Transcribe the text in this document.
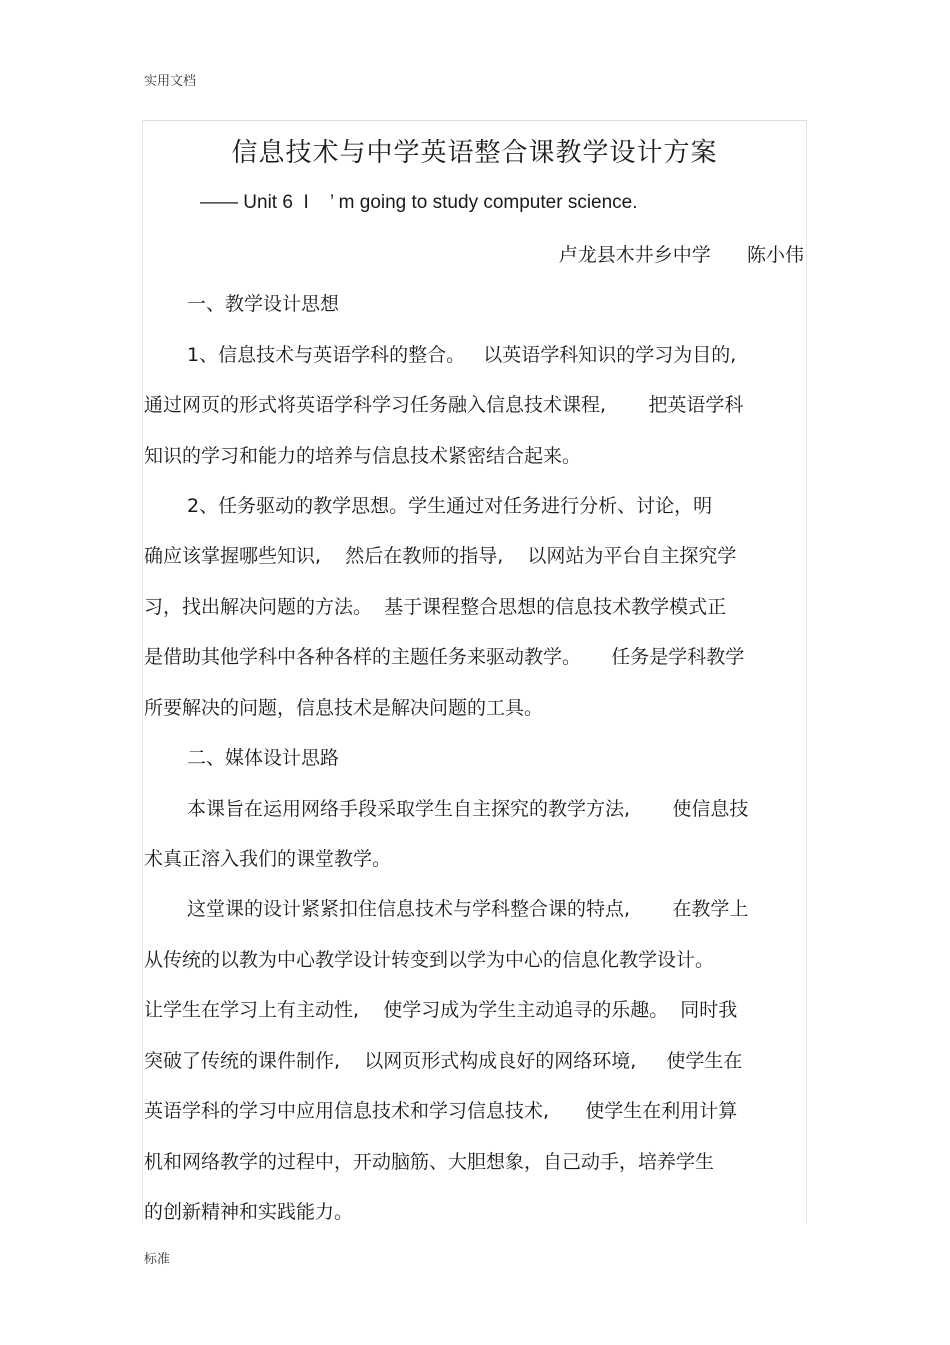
实用文档
信息技术与中学英语整合课教学设计方案
—— Unit 6  I    ’ m going to study computer science.
卢龙县木井乡中学      陈小伟
一、教学设计思想
1、信息技术与英语学科的整合。   以英语学科知识的学习为目的,
通过网页的形式将英语学科学习任务融入信息技术课程,       把英语学科
知识的学习和能力的培养与信息技术紧密结合起来。
2、任务驱动的教学思想。学生通过对任务进行分析、讨论，明
确应该掌握哪些知识,    然后在教师的指导,    以网站为平台自主探究学
习，找出解决问题的方法。  基于课程整合思想的信息技术教学模式正
是借助其他学科中各种各样的主题任务来驱动教学。     任务是学科教学
所要解决的问题，信息技术是解决问题的工具。
二、媒体设计思路
本课旨在运用网络手段采取学生自主探究的教学方法,       使信息技
术真正溶入我们的课堂教学。
这堂课的设计紧紧扣住信息技术与学科整合课的特点,       在教学上
从传统的以教为中心教学设计转变到以学为中心的信息化教学设计。
让学生在学习上有主动性,    使学习成为学生主动追寻的乐趣。  同时我
突破了传统的课件制作,    以网页形式构成良好的网络环境,     使学生在
英语学科的学习中应用信息技术和学习信息技术,      使学生在利用计算
机和网络教学的过程中，开动脑筋、大胆想象，自己动手，培养学生
的创新精神和实践能力。
标准
